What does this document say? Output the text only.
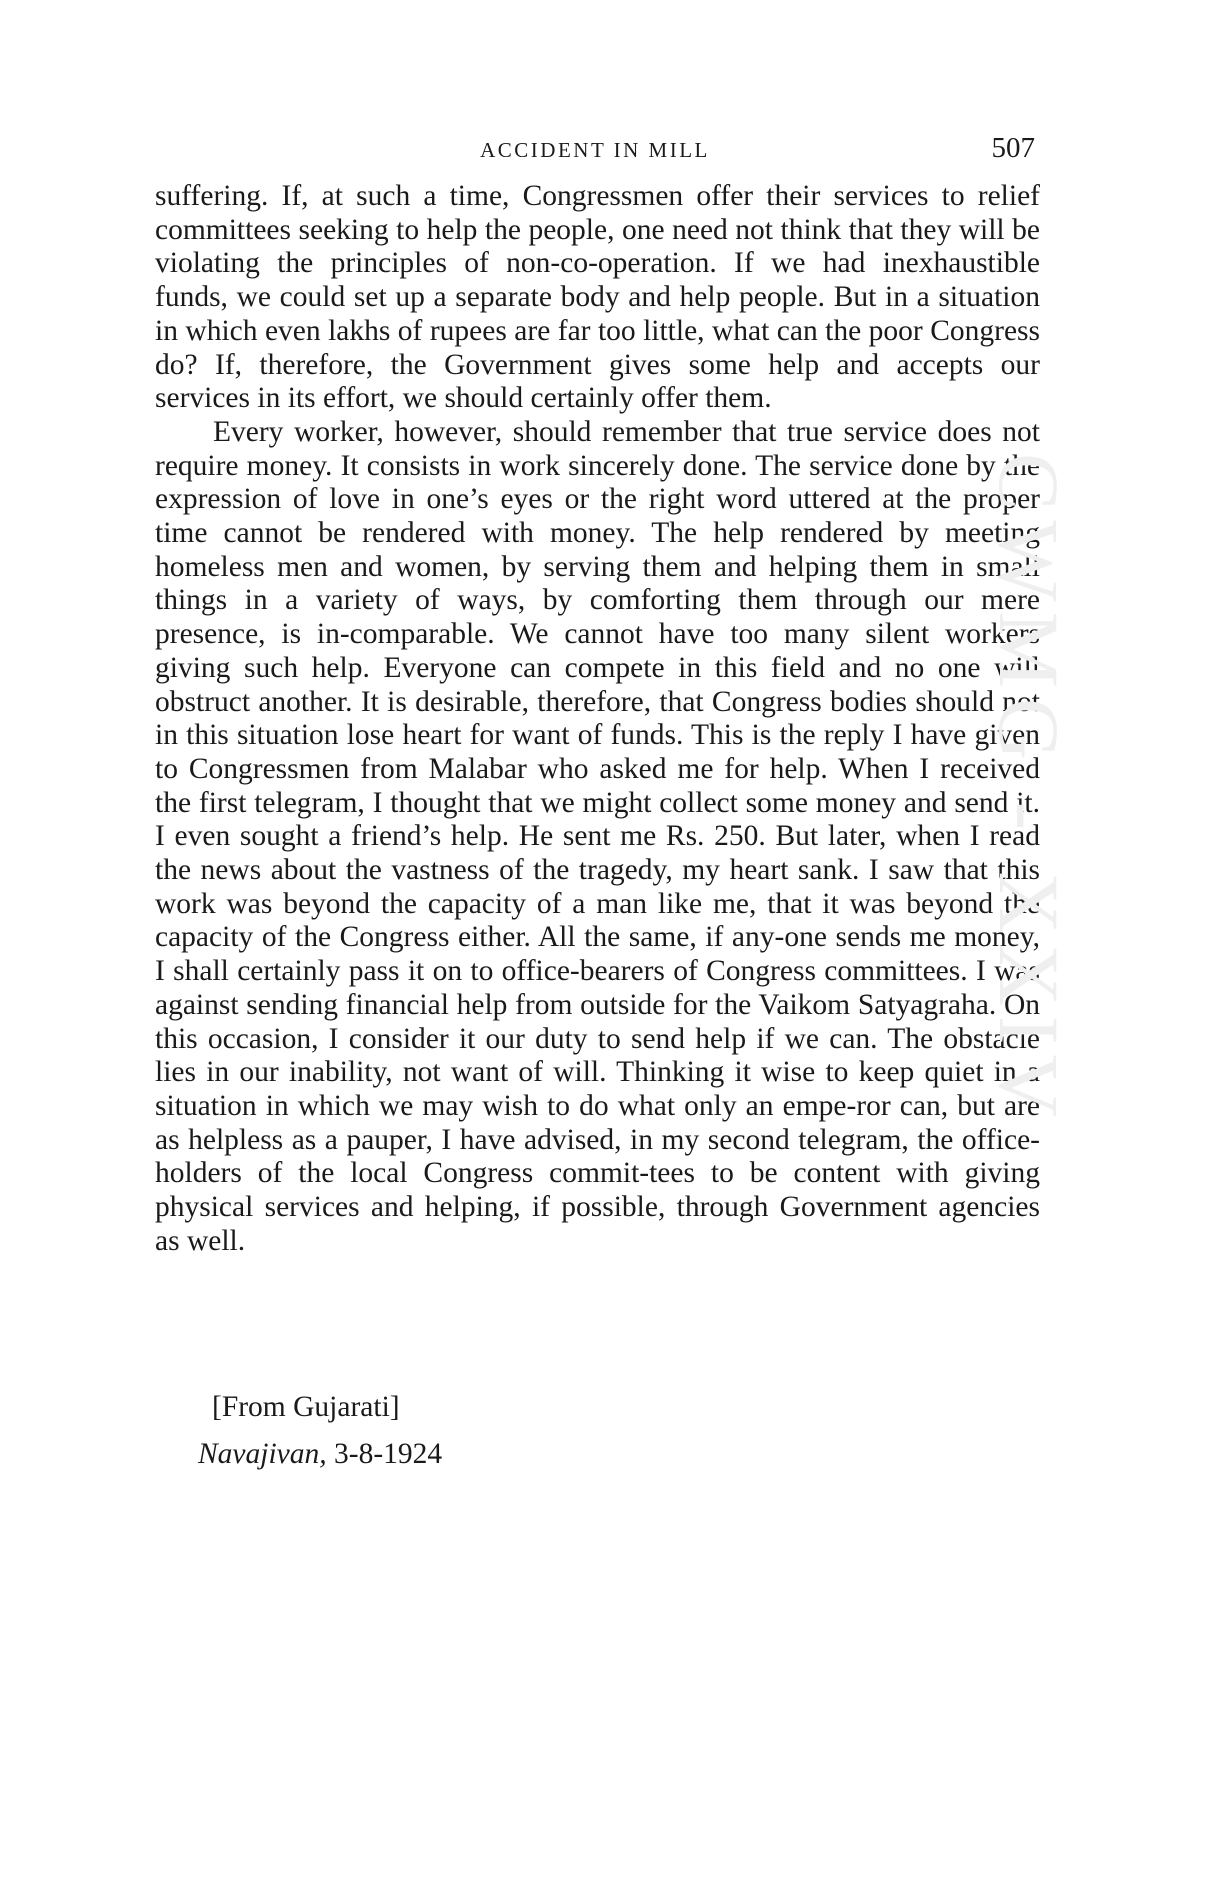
ACCIDENT IN MILL	507

suffering. If, at such a time, Congressmen offer their services to relief committees seeking to help the people, one need not think that they will be violating the principles of non-co-operation. If we had inexhaustible funds, we could set up a separate body and help people. But in a situation in which even lakhs of rupees are far too little, what can the poor Congress do? If, therefore, the Government gives some help and accepts our services in its effort, we should certainly offer them.

Every worker, however, should remember that true service does not require money. It consists in work sincerely done. The service done by the expression of love in one’s eyes or the right word uttered at the proper time cannot be rendered with money. The help rendered by meeting homeless men and women, by serving them and helping them in small things in a variety of ways, by comforting them through our mere presence, is in-comparable. We cannot have too many silent workers giving such help. Everyone can compete in this field and no one will obstruct another. It is desirable, therefore, that Congress bodies should not in this situation lose heart for want of funds. This is the reply I have given to Congressmen from Malabar who asked me for help. When I received the first telegram, I thought that we might collect some money and send it. I even sought a friend’s help. He sent me Rs. 250. But later, when I read the news about the vastness of the tragedy, my heart sank. I saw that this work was beyond the capacity of a man like me, that it was beyond the capacity of the Congress either. All the same, if any-one sends me money, I shall certainly pass it on to office-bearers of Congress committees. I was against sending financial help from outside for the Vaikom Satyagraha. On this occasion, I consider it our duty to send help if we can. The obstacle lies in our inability, not want of will. Thinking it wise to keep quiet in a situation in which we may wish to do what only an empe-ror can, but are as helpless as a pauper, I have advised, in my second telegram, the office-holders of the local Congress commit-tees to be content with giving physical services and helping, if possible, through Government agencies as well.

[From Gujarati]
Navajivan, 3-8-1924
CWMG - XXIV
